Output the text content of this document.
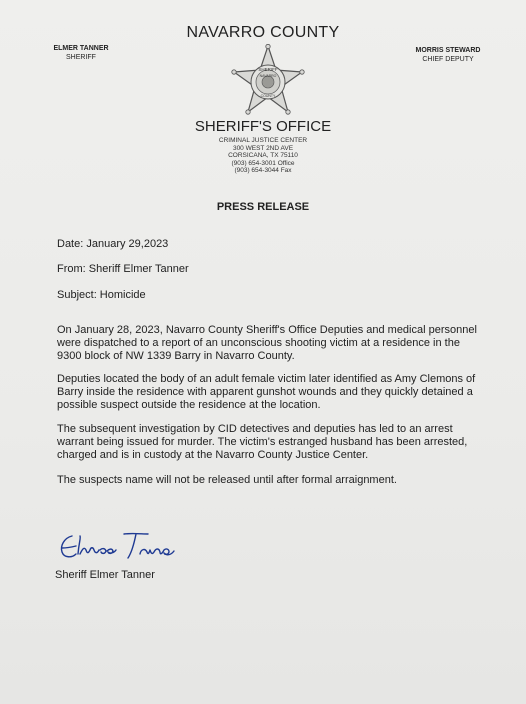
NAVARRO COUNTY
ELMER TANNER
SHERIFF
MORRIS STEWARD
CHIEF DEPUTY
SHERIFF
NAVARRO
COUNTY
SHERIFF'S OFFICE
CRIMINAL JUSTICE CENTER
300 WEST 2ND AVE
CORSICANA, TX 75110
(903) 654-3001 Office
(903) 654-3044 Fax
PRESS RELEASE
Date: January 29,2023
From: Sheriff Elmer Tanner
Subject: Homicide
On January 28, 2023, Navarro County Sheriff's Office Deputies and medical personnel
were dispatched to a report of an unconscious shooting victim at a residence in the
9300 block of NW 1339 Barry in Navarro County.
Deputies located the body of an adult female victim later identified as Amy Clemons of
Barry inside the residence with apparent gunshot wounds and they quickly detained a
possible suspect outside the residence at the location.
The subsequent investigation by CID detectives and deputies has led to an arrest
warrant being issued for murder. The victim's estranged husband has been arrested,
charged and is in custody at the Navarro County Justice Center.
The suspects name will not be released until after formal arraignment.
Sheriff Elmer Tanner
